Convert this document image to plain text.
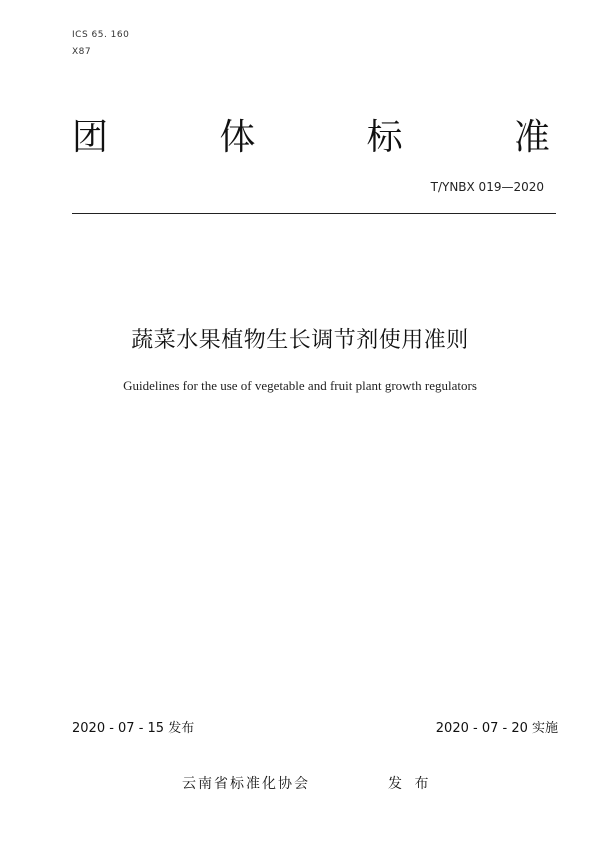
ICS 65. 160
X87
团	体	标	准
T/YNBX 019—2020
蔬菜水果植物生长调节剂使用准则
Guidelines for the use of vegetable and fruit plant growth regulators
2020 - 07 - 15 发布	2020 - 07 - 20 实施
云南省标准化协会	发 布
